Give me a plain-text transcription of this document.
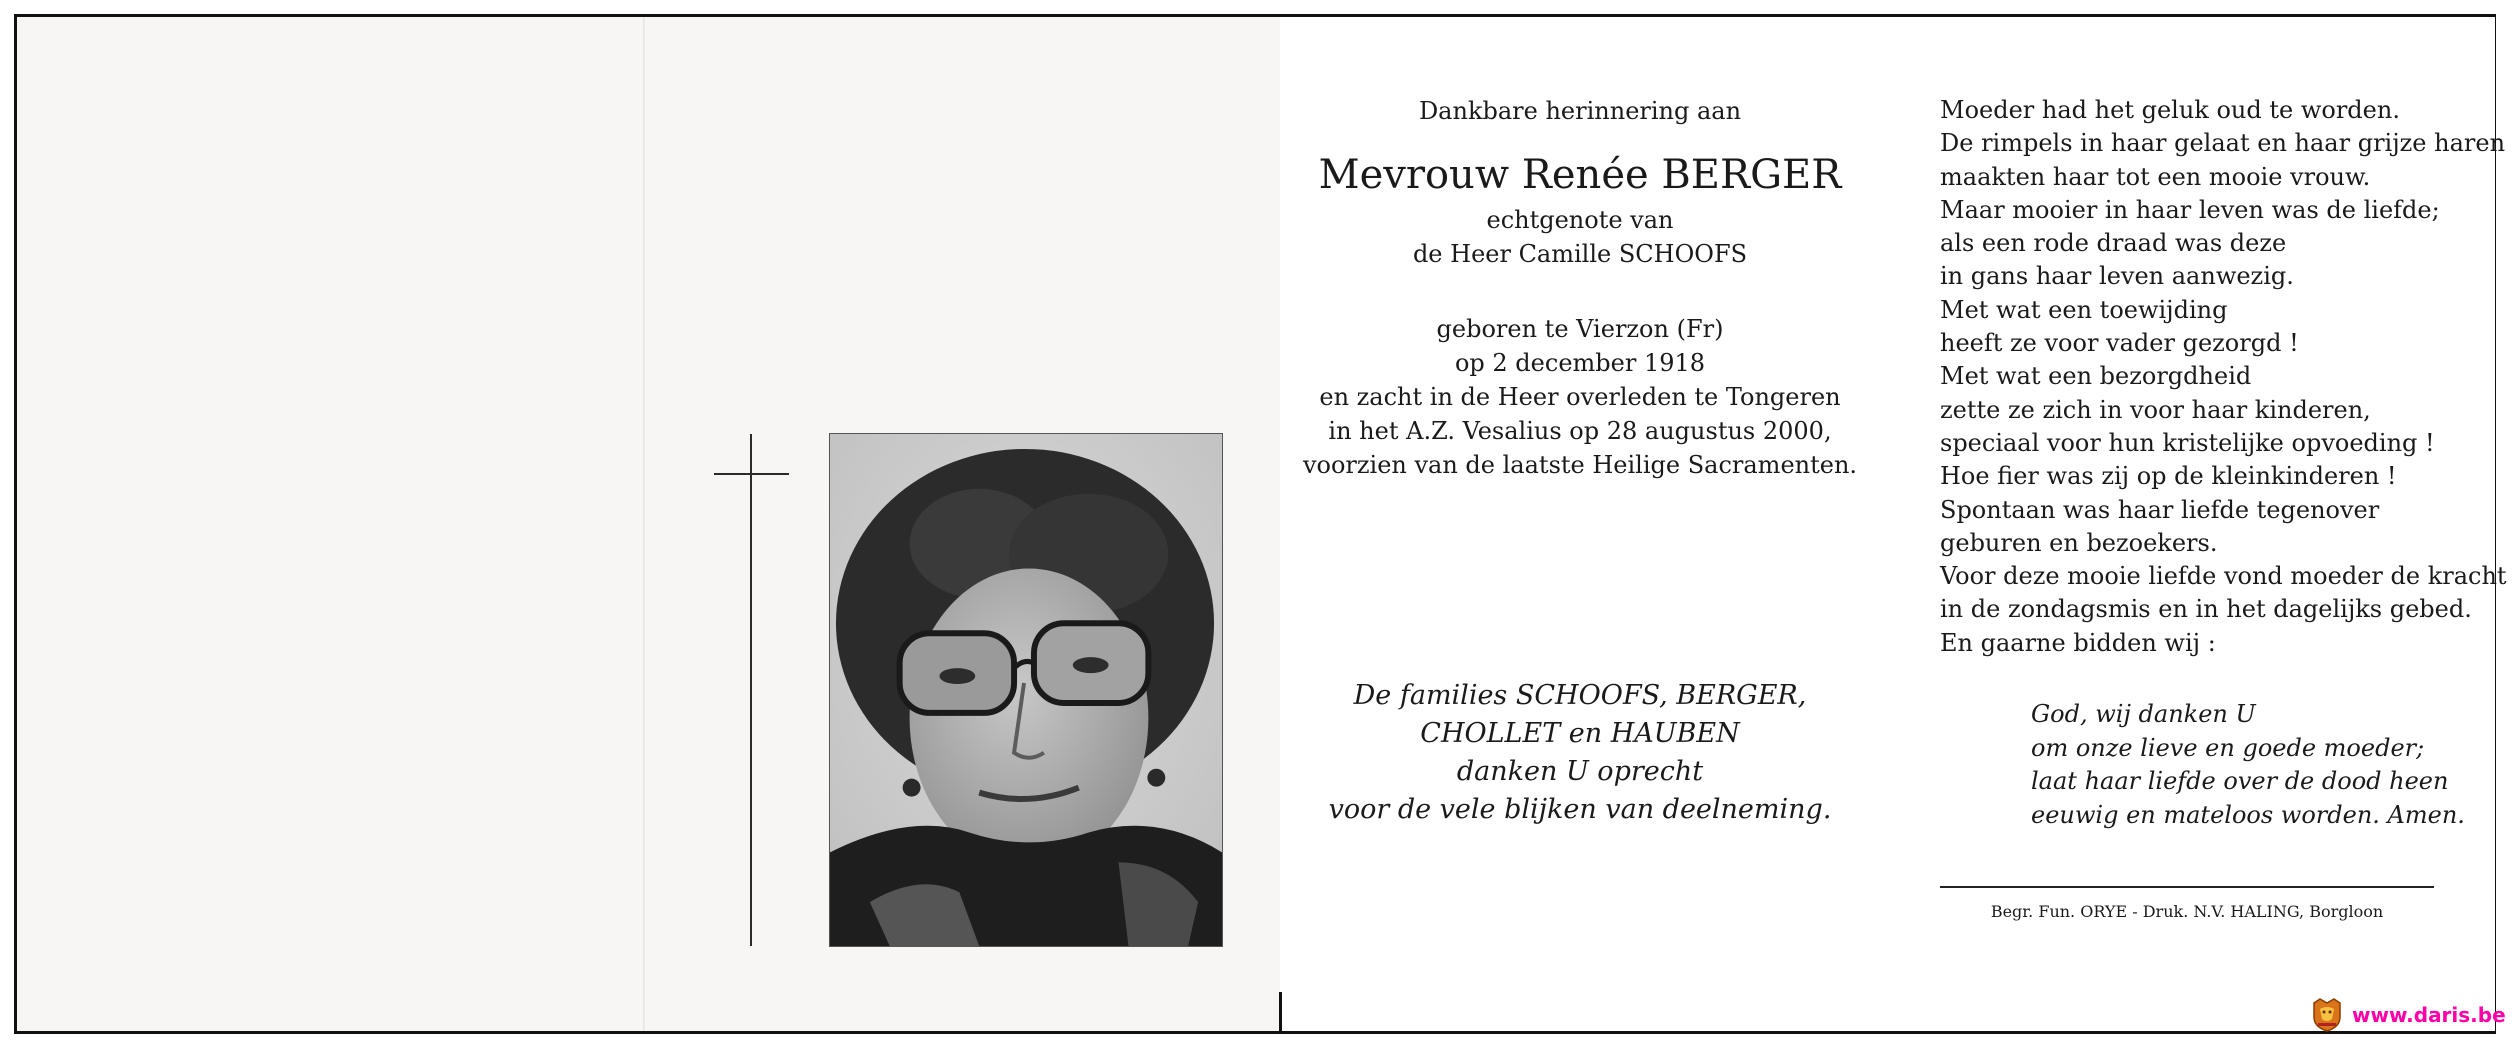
Dankbare herinnering aan
Mevrouw Renée BERGER
echtgenote van
de Heer Camille SCHOOFS
geboren te Vierzon (Fr)
op 2 december 1918
en zacht in de Heer overleden te Tongeren
in het A.Z. Vesalius op 28 augustus 2000,
voorzien van de laatste Heilige Sacramenten.
De families SCHOOFS, BERGER,
CHOLLET en HAUBEN
danken U oprecht
voor de vele blijken van deelneming.
Moeder had het geluk oud te worden.
De rimpels in haar gelaat en haar grijze haren
maakten haar tot een mooie vrouw.
Maar mooier in haar leven was de liefde;
als een rode draad was deze
in gans haar leven aanwezig.
Met wat een toewijding
heeft ze voor vader gezorgd !
Met wat een bezorgdheid
zette ze zich in voor haar kinderen,
speciaal voor hun kristelijke opvoeding !
Hoe fier was zij op de kleinkinderen !
Spontaan was haar liefde tegenover
geburen en bezoekers.
Voor deze mooie liefde vond moeder de kracht
in de zondagsmis en in het dagelijks gebed.
En gaarne bidden wij :
God, wij danken U
om onze lieve en goede moeder;
laat haar liefde over de dood heen
eeuwig en mateloos worden. Amen.
Begr. Fun. ORYE - Druk. N.V. HALING, Borgloon
www.daris.be
